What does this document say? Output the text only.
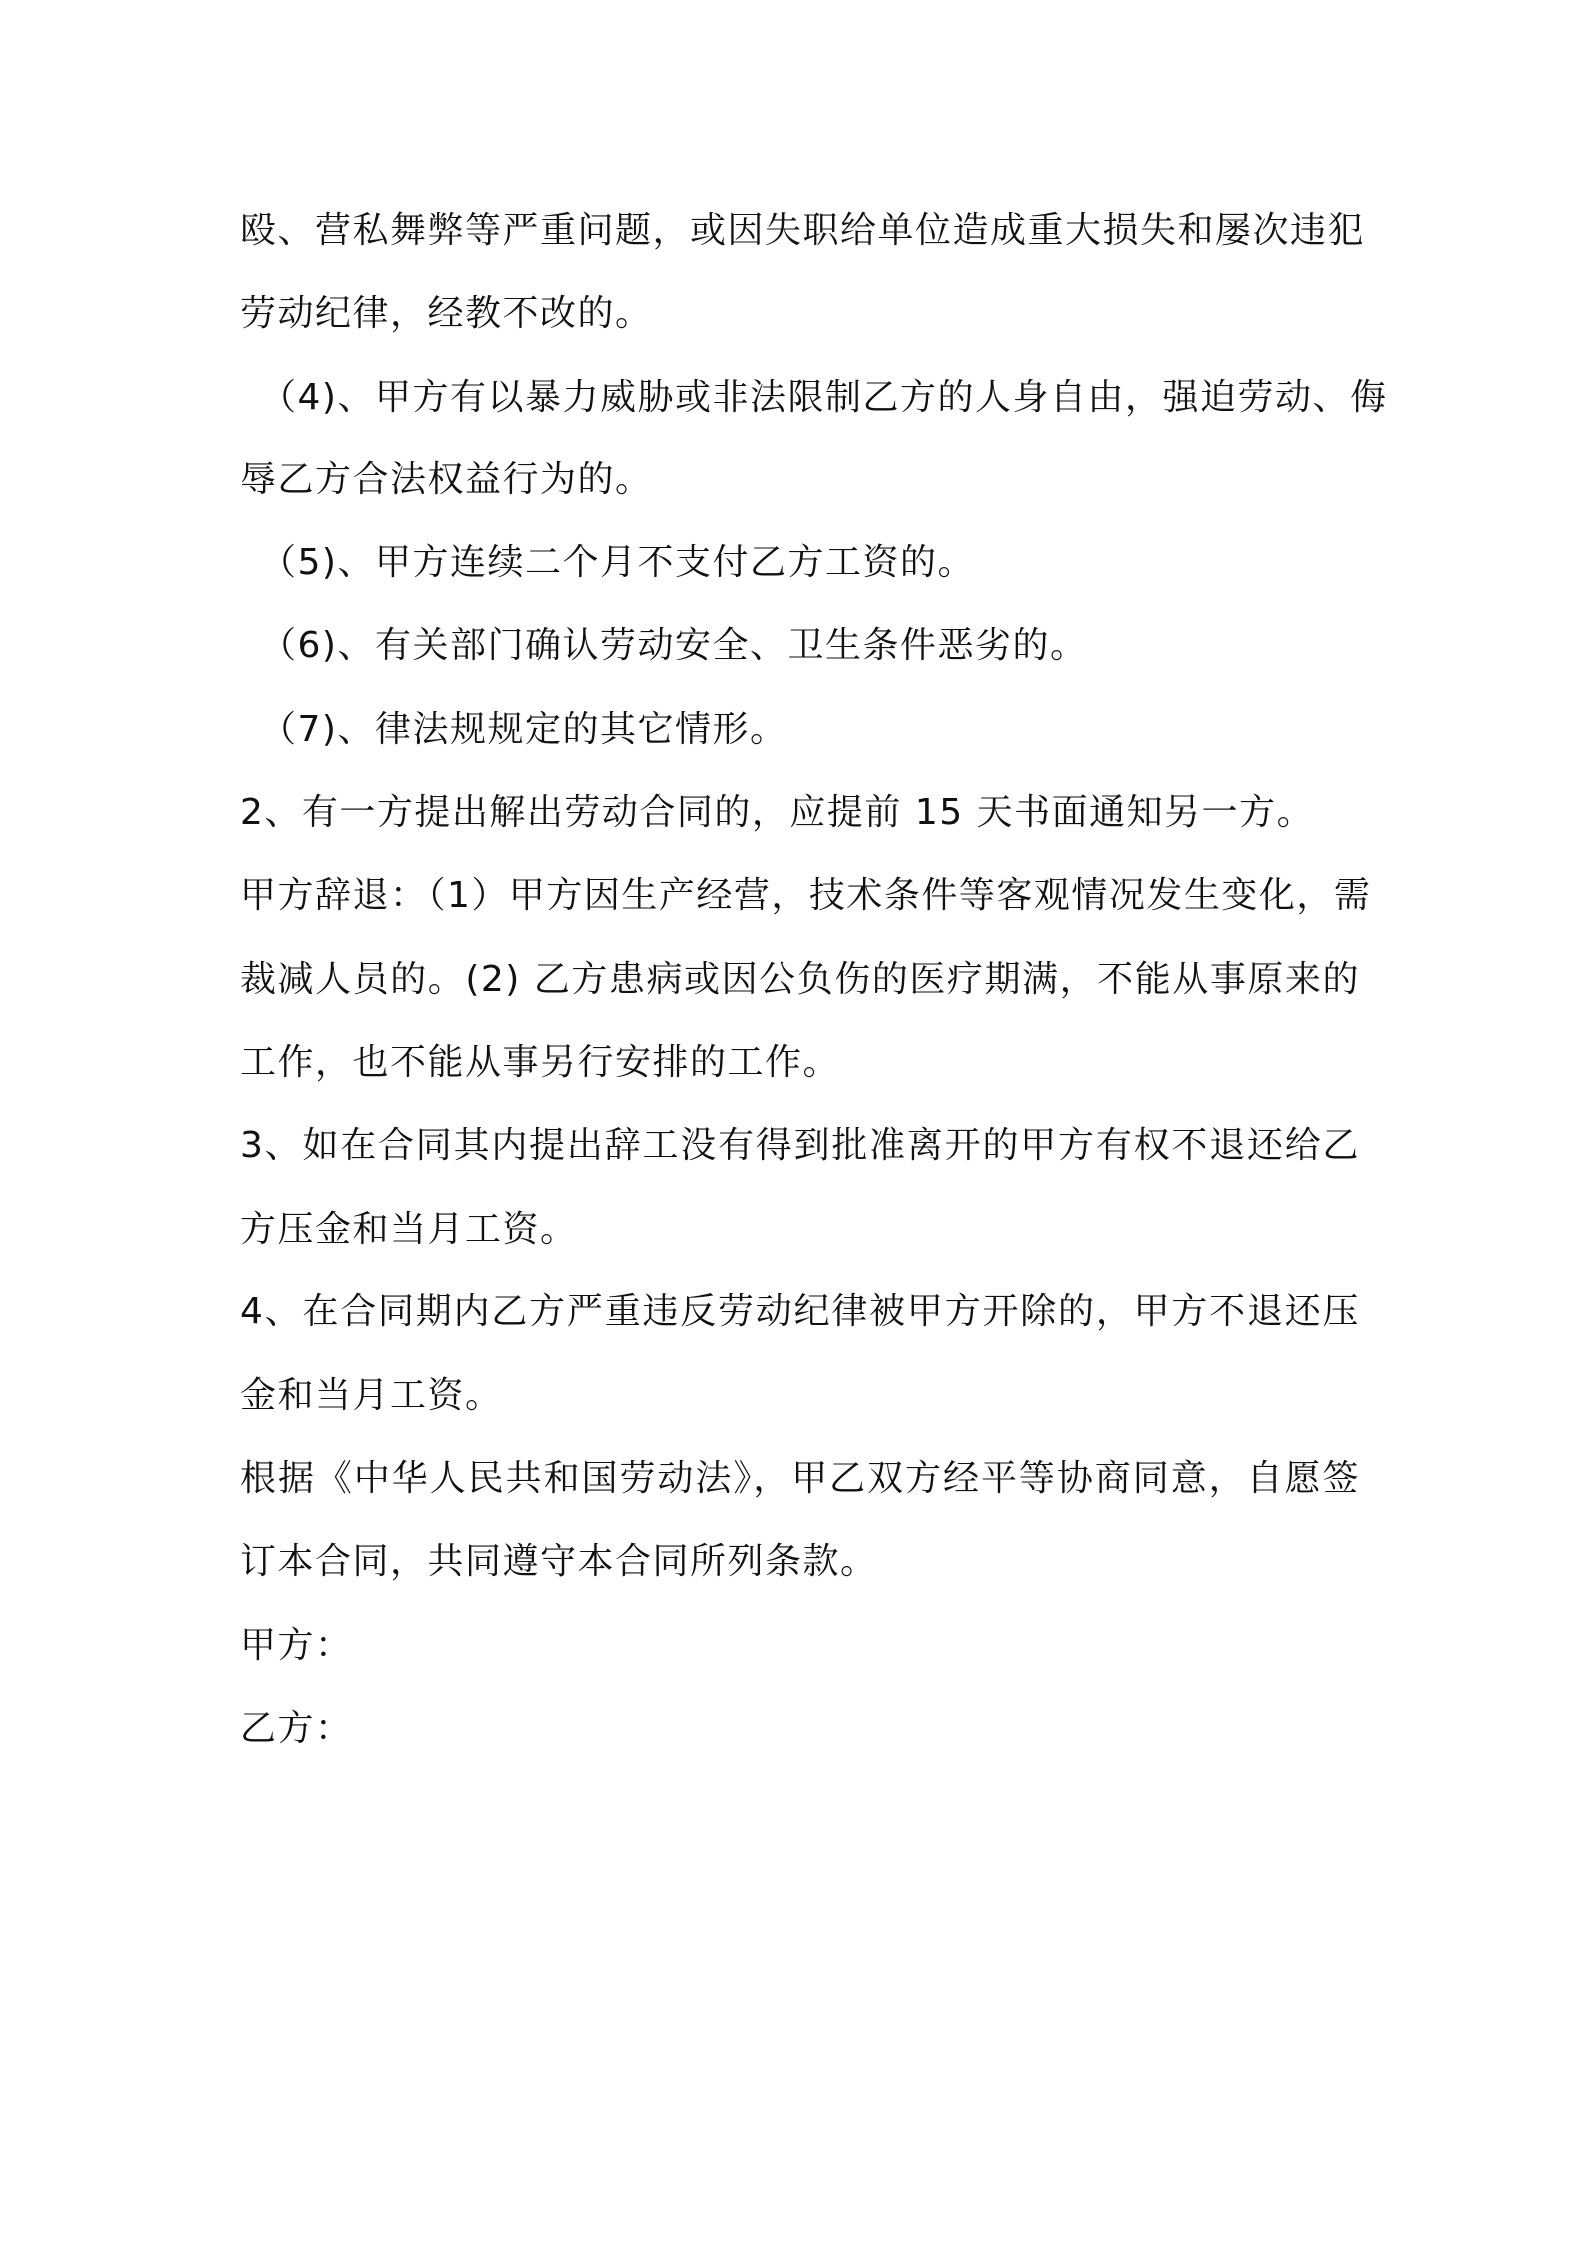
殴、营私舞弊等严重问题，或因失职给单位造成重大损失和屡次违犯
劳动纪律，经教不改的。
（4)、甲方有以暴力威胁或非法限制乙方的人身自由，强迫劳动、侮
辱乙方合法权益行为的。
（5)、甲方连续二个月不支付乙方工资的。
（6)、有关部门确认劳动安全、卫生条件恶劣的。
（7)、律法规规定的其它情形。
2、有一方提出解出劳动合同的，应提前 15 天书面通知另一方。
甲方辞退：（1）甲方因生产经营，技术条件等客观情况发生变化，需
裁减人员的。(2) 乙方患病或因公负伤的医疗期满，不能从事原来的
工作，也不能从事另行安排的工作。
3、如在合同其内提出辞工没有得到批准离开的甲方有权不退还给乙
方压金和当月工资。
4、在合同期内乙方严重违反劳动纪律被甲方开除的，甲方不退还压
金和当月工资。
根据《中华人民共和国劳动法》，甲乙双方经平等协商同意，自愿签
订本合同，共同遵守本合同所列条款。
甲方：
乙方：
